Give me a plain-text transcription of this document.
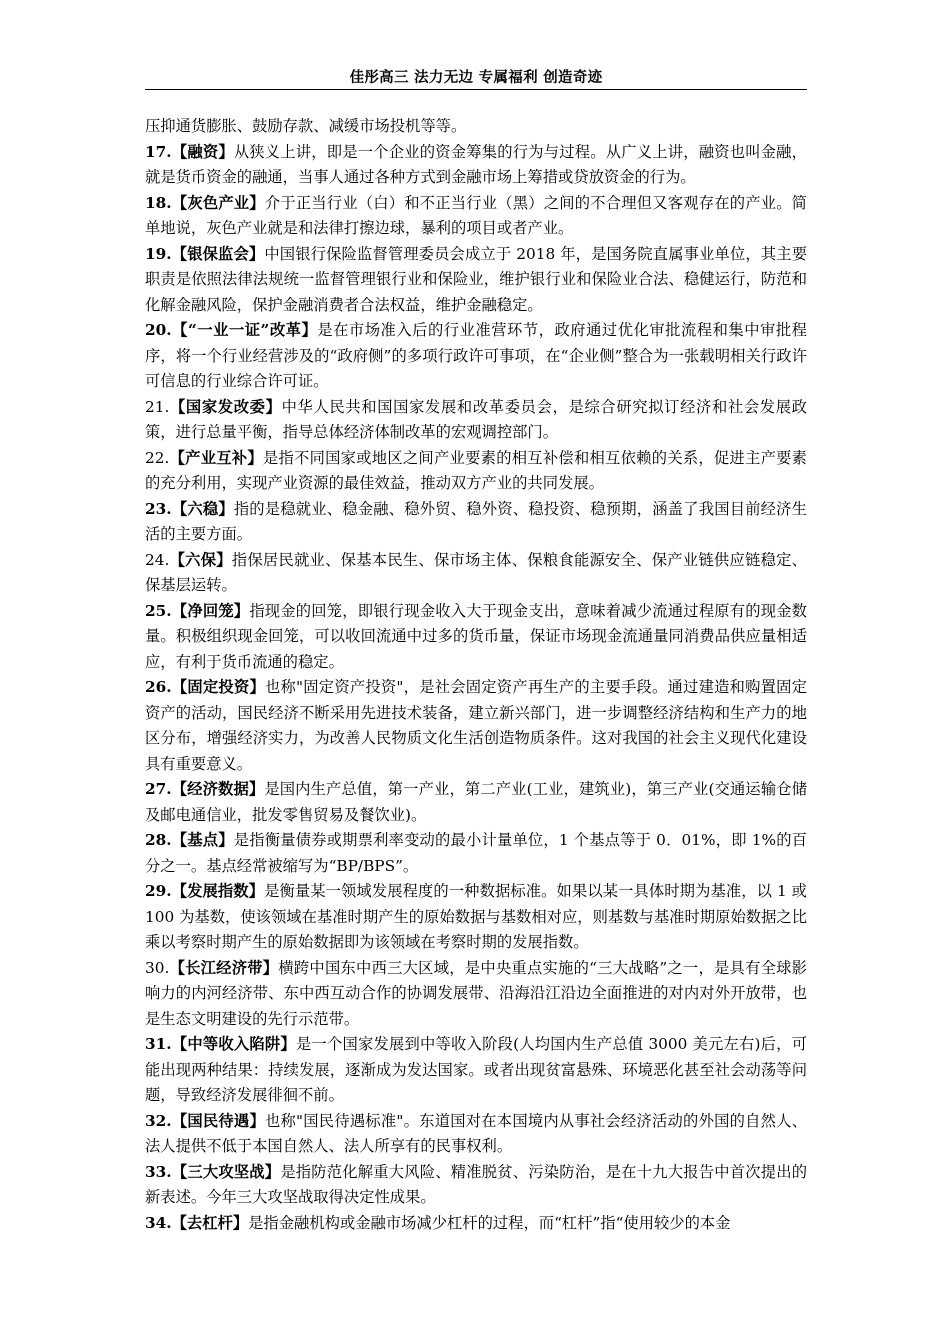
佳彤高三 法力无边 专属福利 创造奇迹

压抑通货膨胀、鼓励存款、减缓市场投机等等。

17.【融资】从狭义上讲，即是一个企业的资金筹集的行为与过程。从广义上讲，融资也叫金融，就是货币资金的融通，当事人通过各种方式到金融市场上筹措或贷放资金的行为。

18.【灰色产业】介于正当行业（白）和不正当行业（黑）之间的不合理但又客观存在的产业。简单地说，灰色产业就是和法律打擦边球，暴利的项目或者产业。

19.【银保监会】中国银行保险监督管理委员会成立于 2018 年，是国务院直属事业单位，其主要职责是依照法律法规统一监督管理银行业和保险业，维护银行业和保险业合法、稳健运行，防范和化解金融风险，保护金融消费者合法权益，维护金融稳定。

20.【“一业一证”改革】是在市场准入后的行业准营环节，政府通过优化审批流程和集中审批程序，将一个行业经营涉及的“政府侧”的多项行政许可事项，在“企业侧”整合为一张载明相关行政许可信息的行业综合许可证。

21.【国家发改委】中华人民共和国国家发展和改革委员会，是综合研究拟订经济和社会发展政策，进行总量平衡，指导总体经济体制改革的宏观调控部门。

22.【产业互补】是指不同国家或地区之间产业要素的相互补偿和相互依赖的关系，促进主产要素的充分利用，实现产业资源的最佳效益，推动双方产业的共同发展。

23.【六稳】指的是稳就业、稳金融、稳外贸、稳外资、稳投资、稳预期，涵盖了我国目前经济生活的主要方面。

24.【六保】指保居民就业、保基本民生、保市场主体、保粮食能源安全、保产业链供应链稳定、保基层运转。

25.【净回笼】指现金的回笼，即银行现金收入大于现金支出，意味着减少流通过程原有的现金数量。积极组织现金回笼，可以收回流通中过多的货币量，保证市场现金流通量同消费品供应量相适应，有利于货币流通的稳定。

26.【固定投资】也称"固定资产投资"，是社会固定资产再生产的主要手段。通过建造和购置固定资产的活动，国民经济不断采用先进技术装备，建立新兴部门，进一步调整经济结构和生产力的地区分布，增强经济实力，为改善人民物质文化生活创造物质条件。这对我国的社会主义现代化建设具有重要意义。

27.【经济数据】是国内生产总值，第一产业，第二产业(工业，建筑业)，第三产业(交通运输仓储及邮电通信业，批发零售贸易及餐饮业)。

28.【基点】是指衡量债券或期票利率变动的最小计量单位，1 个基点等于 0．01%，即 1%的百分之一。基点经常被缩写为“BP/BPS”。

29.【发展指数】是衡量某一领域发展程度的一种数据标准。如果以某一具体时期为基准，以 1 或 100 为基数，使该领域在基准时期产生的原始数据与基数相对应，则基数与基准时期原始数据之比乘以考察时期产生的原始数据即为该领域在考察时期的发展指数。

30.【长江经济带】横跨中国东中西三大区域，是中央重点实施的“三大战略”之一，是具有全球影响力的内河经济带、东中西互动合作的协调发展带、沿海沿江沿边全面推进的对内对外开放带，也是生态文明建设的先行示范带。

31.【中等收入陷阱】是一个国家发展到中等收入阶段(人均国内生产总值 3000 美元左右)后，可能出现两种结果：持续发展，逐渐成为发达国家。或者出现贫富悬殊、环境恶化甚至社会动荡等问题，导致经济发展徘徊不前。

32.【国民待遇】也称"国民待遇标准"。东道国对在本国境内从事社会经济活动的外国的自然人、法人提供不低于本国自然人、法人所享有的民事权利。

33.【三大攻坚战】是指防范化解重大风险、精准脱贫、污染防治，是在十九大报告中首次提出的新表述。今年三大攻坚战取得决定性成果。

34.【去杠杆】是指金融机构或金融市场减少杠杆的过程，而“杠杆”指“使用较少的本金
